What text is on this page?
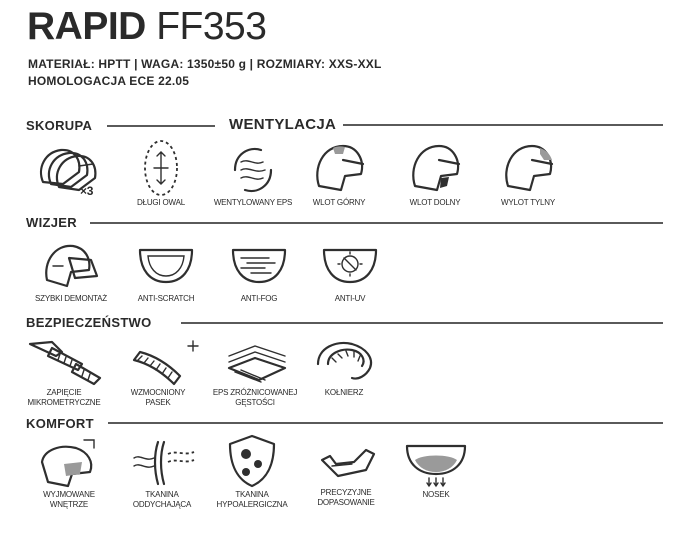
RAPID FF353
MATERIAŁ: HPTT | WAGA: 1350±50 g | ROZMIARY: XXS-XXL
HOMOLOGACJA ECE 22.05
SKORUPA	WENTYLACJA
×3
DŁUGI OWAL	WENTYLOWANY EPS	WLOT GÓRNY	WLOT DOLNY	WYLOT TYLNY
WIZJER
SZYBKI DEMONTAŻ	ANTI-SCRATCH	ANTI-FOG	ANTI-UV
BEZPIECZEŃSTWO
ZAPIĘCIE
MIKROMETRYCZNE
WZMOCNIONY
PASEK
EPS ZRÓŻNICOWANEJ
GĘSTOŚCI
KOŁNIERZ
KOMFORT
WYJMOWANE
WNĘTRZE
TKANINA
ODDYCHAJĄCA
TKANINA
HYPOALERGICZNA
PRECYZYJNE
DOPASOWANIE
NOSEK
